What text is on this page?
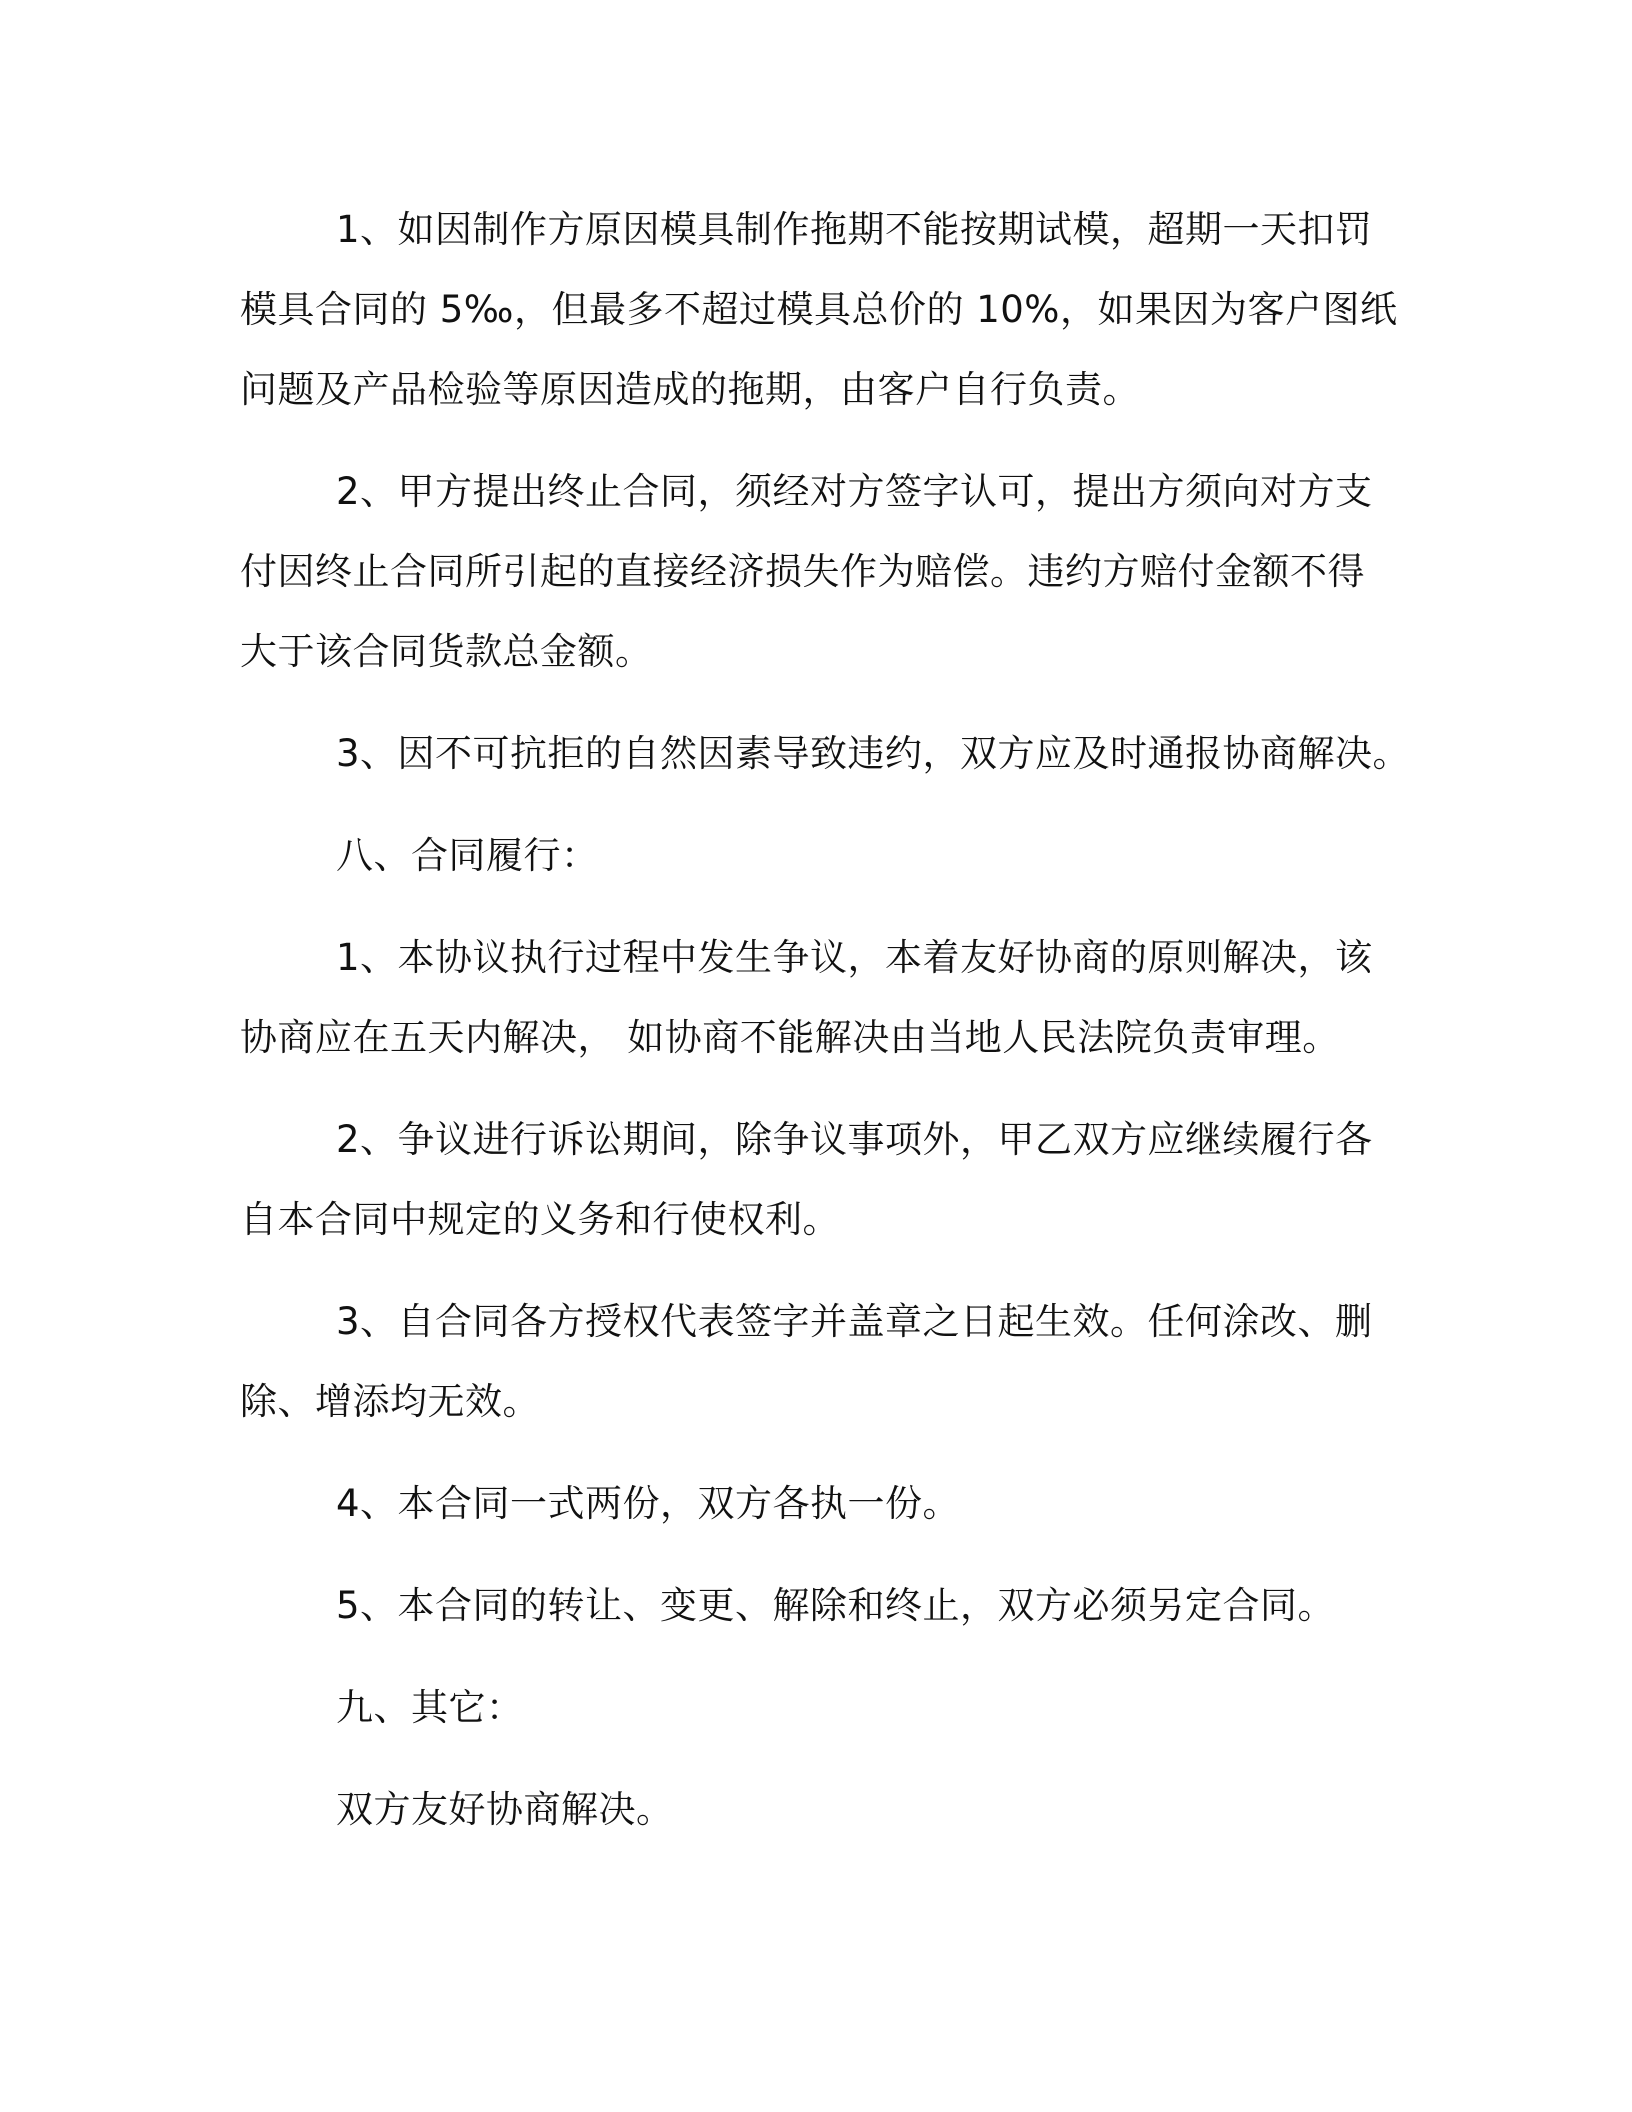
1、如因制作方原因模具制作拖期不能按期试模，超期一天扣罚
模具合同的 5‰，但最多不超过模具总价的 10%，如果因为客户图纸
问题及产品检验等原因造成的拖期，由客户自行负责。

2、甲方提出终止合同，须经对方签字认可，提出方须向对方支
付因终止合同所引起的直接经济损失作为赔偿。违约方赔付金额不得
大于该合同货款总金额。

3、因不可抗拒的自然因素导致违约，双方应及时通报协商解决。

八、合同履行：

1、本协议执行过程中发生争议，本着友好协商的原则解决，该
协商应在五天内解决， 如协商不能解决由当地人民法院负责审理。

2、争议进行诉讼期间，除争议事项外，甲乙双方应继续履行各
自本合同中规定的义务和行使权利。

3、自合同各方授权代表签字并盖章之日起生效。任何涂改、删
除、增添均无效。

4、本合同一式两份，双方各执一份。

5、本合同的转让、变更、解除和终止，双方必须另定合同。

九、其它：

双方友好协商解决。
